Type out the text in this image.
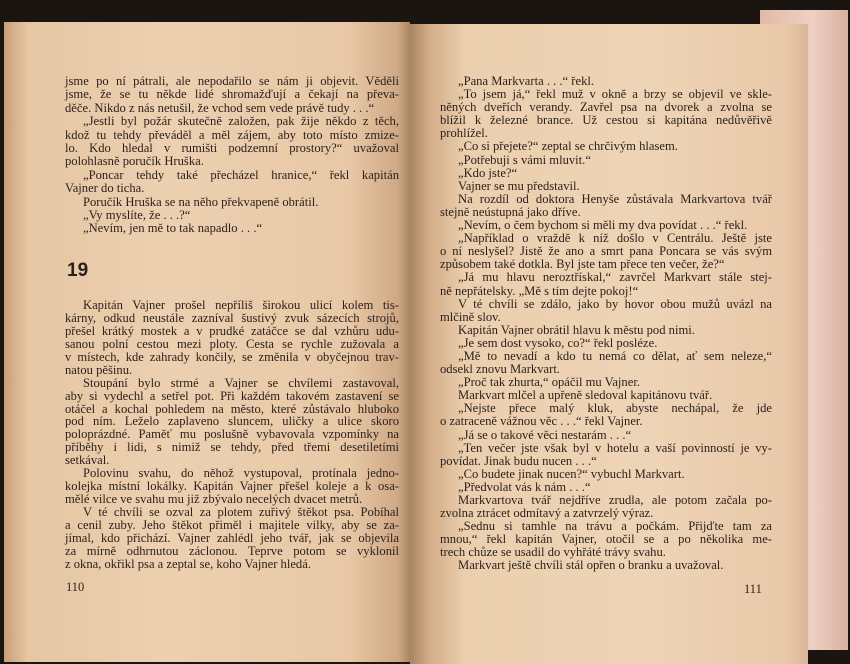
jsme po ní pátrali, ale nepodařilo se nám ji objevit. Věděli
jsme, že se tu někde lidé shromažďují a čekají na převa-
děče. Nikdo z nás netušil, že vchod sem vede právě tudy . . .“
„Jestli byl požár skutečně založen, pak žije někdo z těch,
kdož tu tehdy převáděl a měl zájem, aby toto místo zmize-
lo. Kdo hledal v rumišti podzemní prostory?“ uvažoval
polohlasně poručík Hruška.
„Poncar tehdy také přecházel hranice,“ řekl kapitán
Vajner do ticha.
Poručík Hruška se na něho překvapeně obrátil.
„Vy myslíte, že . . .?“
„Nevím, jen mě to tak napadlo . . .“
19
Kapitán Vajner prošel nepříliš širokou ulicí kolem tis-
kárny, odkud neustále zazníval šustivý zvuk sázecích strojů,
přešel krátký mostek a v prudké zatáčce se dal vzhůru udu-
sanou polní cestou mezi ploty. Cesta se rychle zužovala a
v místech, kde zahrady končily, se změnila v obyčejnou trav-
natou pěšinu.
Stoupání bylo strmé a Vajner se chvílemi zastavoval,
aby si vydechl a setřel pot. Při každém takovém zastavení se
otáčel a kochal pohledem na město, které zůstávalo hluboko
pod ním. Leželo zaplaveno sluncem, uličky a ulice skoro
poloprázdné. Paměť mu poslušně vybavovala vzpomínky na
příběhy i lidi, s nimiž se tehdy, před třemi desetiletími
setkával.
Polovinu svahu, do něhož vystupoval, protínala jedno-
kolejka místní lokálky. Kapitán Vajner přešel koleje a k osa-
mělé vilce ve svahu mu již zbývalo necelých dvacet metrů.
V té chvíli se ozval za plotem zuřivý štěkot psa. Pobíhal
a cenil zuby. Jeho štěkot přiměl i majitele vilky, aby se za-
jímal, kdo přichází. Vajner zahlédl jeho tvář, jak se objevila
za mírně odhrnutou záclonou. Teprve potom se vyklonil
z okna, okřikl psa a zeptal se, koho Vajner hledá.
110
„Pana Markvarta . . .“ řekl.
„To jsem já,“ řekl muž v okně a brzy se objevil ve skle-
něných dveřích verandy. Zavřel psa na dvorek a zvolna se
blížil k železné brance. Už cestou si kapitána nedůvěřivě
prohlížel.
„Co si přejete?“ zeptal se chrčivým hlasem.
„Potřebuji s vámi mluvit.“
„Kdo jste?“
Vajner se mu představil.
Na rozdíl od doktora Henyše zůstávala Markvartova tvář
stejně neústupná jako dříve.
„Nevím, o čem bychom si měli my dva povídat . . .“ řekl.
„Například o vraždě k níž došlo v Centrálu. Ještě jste
o ní neslyšel? Jistě že ano a smrt pana Poncara se vás svým
způsobem také dotkla. Byl jste tam přece ten večer, že?“
„Já mu hlavu neroztřískal,“ zavrčel Markvart stále stej-
ně nepřátelsky. „Mě s tím dejte pokoj!“
V té chvíli se zdálo, jako by hovor obou mužů uvázl na
mlčině slov.
Kapitán Vajner obrátil hlavu k městu pod nimi.
„Je sem dost vysoko, co?“ řekl posléze.
„Mě to nevadí a kdo tu nemá co dělat, ať sem neleze,“
odsekl znovu Markvart.
„Proč tak zhurta,“ opáčil mu Vajner.
Markvart mlčel a upřeně sledoval kapitánovu tvář.
„Nejste přece malý kluk, abyste nechápal, že jde
o zatraceně vážnou věc . . .“ řekl Vajner.
„Já se o takové věci nestarám . . .“
„Ten večer jste však byl v hotelu a vaší povinností je vy-
povídat. Jinak budu nucen . . .“
„Co budete jinak nucen?“ vybuchl Markvart.
„Předvolat vás k nám . . .“
Markvartova tvář nejdříve zrudla, ale potom začala po-
zvolna ztrácet odmítavý a zatvrzelý výraz.
„Sednu si tamhle na trávu a počkám. Přijďte tam za
mnou,“ řekl kapitán Vajner, otočil se a po několika me-
trech chůze se usadil do vyhřáté trávy svahu.
Markvart ještě chvíli stál opřen o branku a uvažoval.
111
